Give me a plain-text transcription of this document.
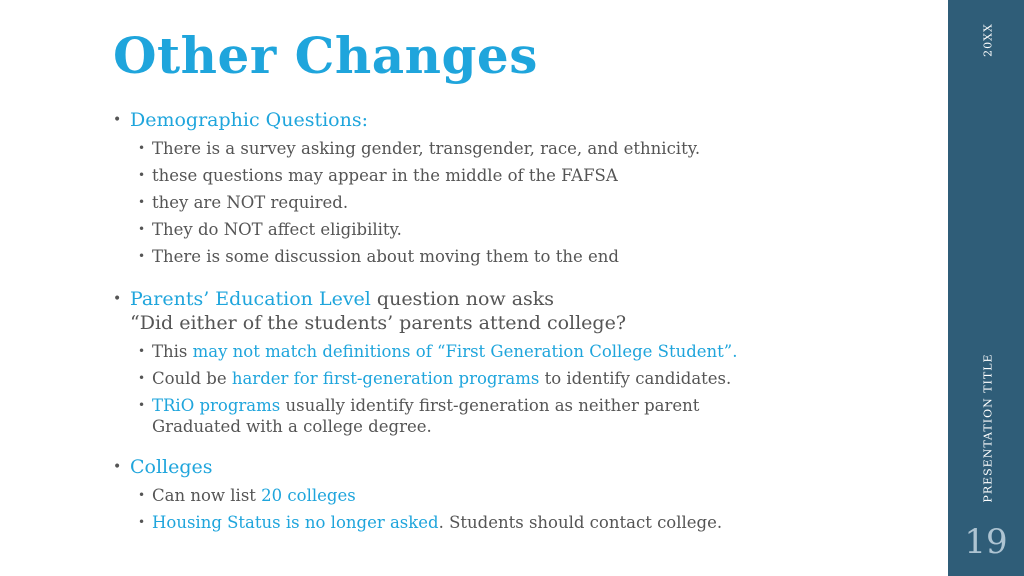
Other Changes
• Demographic Questions:
• There is a survey asking gender, transgender, race, and ethnicity.
• these questions may appear in the middle of the FAFSA
• they are NOT required.
• They do NOT affect eligibility.
• There is some discussion about moving them to the end
• Parents’ Education Level question now asks
“Did either of the students’ parents attend college?
• This may not match definitions of “First Generation College Student”.
• Could be harder for first-generation programs to identify candidates.
• TRiO programs usually identify first-generation as neither parent
Graduated with a college degree.
• Colleges
• Can now list 20 colleges
• Housing Status is no longer asked. Students should contact college.
20XX
PRESENTATION TITLE
19
